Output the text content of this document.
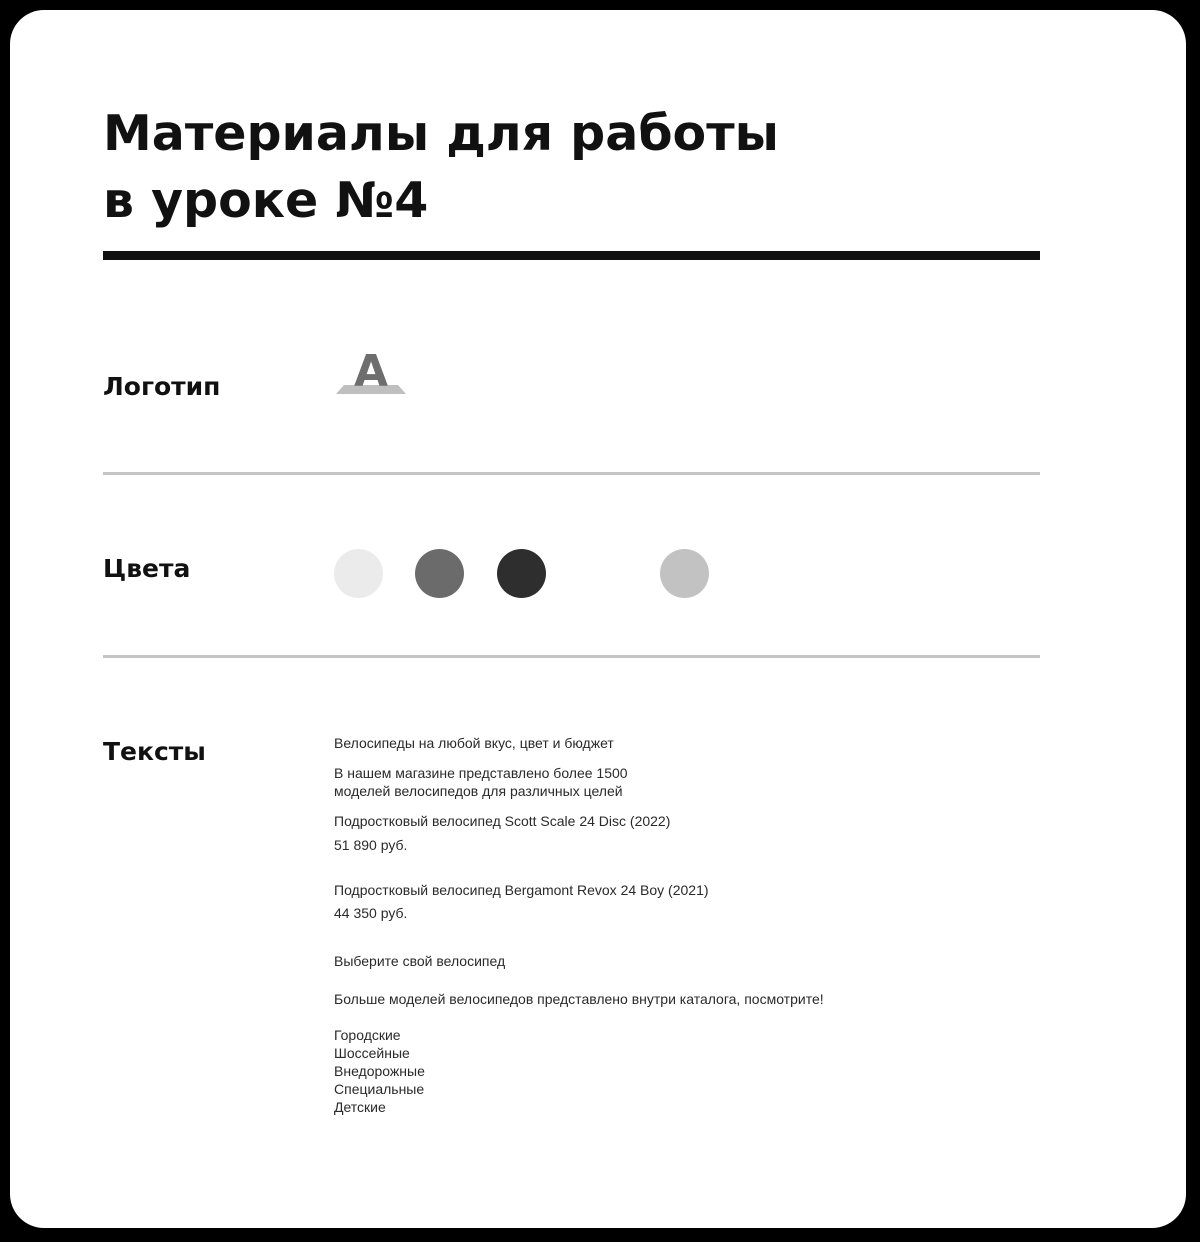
Материалы для работы
в уроке №4
Логотип	A
Цвета
Тексты	Велосипеды на любой вкус, цвет и бюджет
В нашем магазине представлено более 1500
моделей велосипедов для различных целей
Подростковый велосипед Scott Scale 24 Disc (2022)
51 890 руб.
Подростковый велосипед Bergamont Revox 24 Boy (2021)
44 350 руб.
Выберите свой велосипед
Больше моделей велосипедов представлено внутри каталога, посмотрите!
Городские
Шоссейные
Внедорожные
Специальные
Детские
